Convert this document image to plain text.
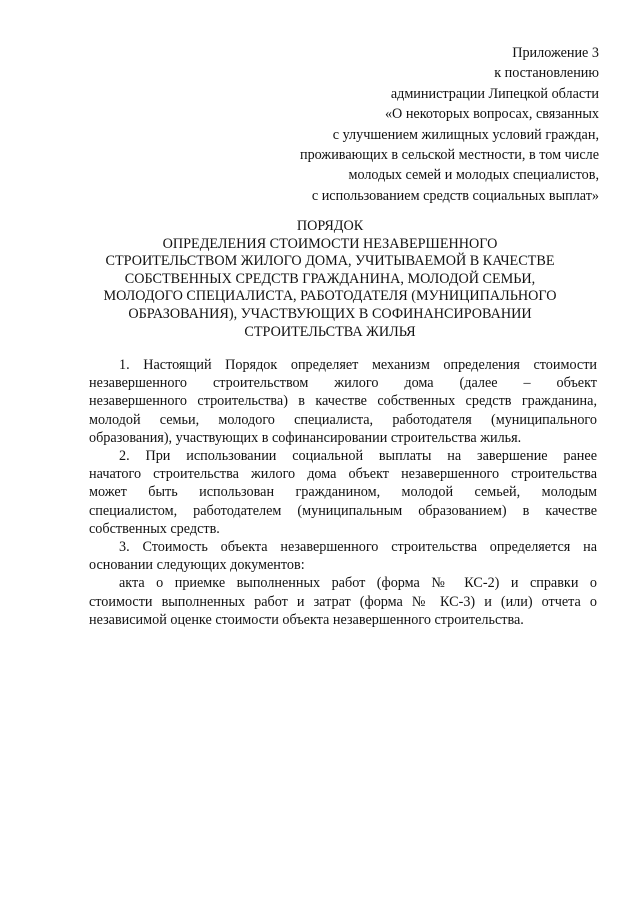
Приложение 3
к постановлению
администрации Липецкой области
«О некоторых вопросах, связанных
с улучшением жилищных условий граждан,
проживающих в сельской местности, в том числе
молодых семей и молодых специалистов,
с использованием средств социальных выплат»
ПОРЯДОК
ОПРЕДЕЛЕНИЯ СТОИМОСТИ НЕЗАВЕРШЕННОГО
СТРОИТЕЛЬСТВОМ ЖИЛОГО ДОМА, УЧИТЫВАЕМОЙ В КАЧЕСТВЕ
СОБСТВЕННЫХ СРЕДСТВ ГРАЖДАНИНА, МОЛОДОЙ СЕМЬИ,
МОЛОДОГО СПЕЦИАЛИСТА, РАБОТОДАТЕЛЯ (МУНИЦИПАЛЬНОГО
ОБРАЗОВАНИЯ), УЧАСТВУЮЩИХ В СОФИНАНСИРОВАНИИ
СТРОИТЕЛЬСТВА ЖИЛЬЯ
1. Настоящий Порядок определяет механизм определения стоимости
незавершенного строительством жилого дома (далее – объект
незавершенного строительства) в качестве собственных средств гражданина,
молодой семьи, молодого специалиста, работодателя (муниципального
образования), участвующих в софинансировании строительства жилья.
2. При использовании социальной выплаты на завершение ранее
начатого строительства жилого дома объект незавершенного строительства
может быть использован гражданином, молодой семьей, молодым
специалистом, работодателем (муниципальным образованием) в качестве
собственных средств.
3. Стоимость объекта незавершенного строительства определяется на
основании следующих документов:
акта о приемке выполненных работ (форма № КС-2) и справки о
стоимости выполненных работ и затрат (форма № КС-3) и (или) отчета о
независимой оценке стоимости объекта незавершенного строительства.
